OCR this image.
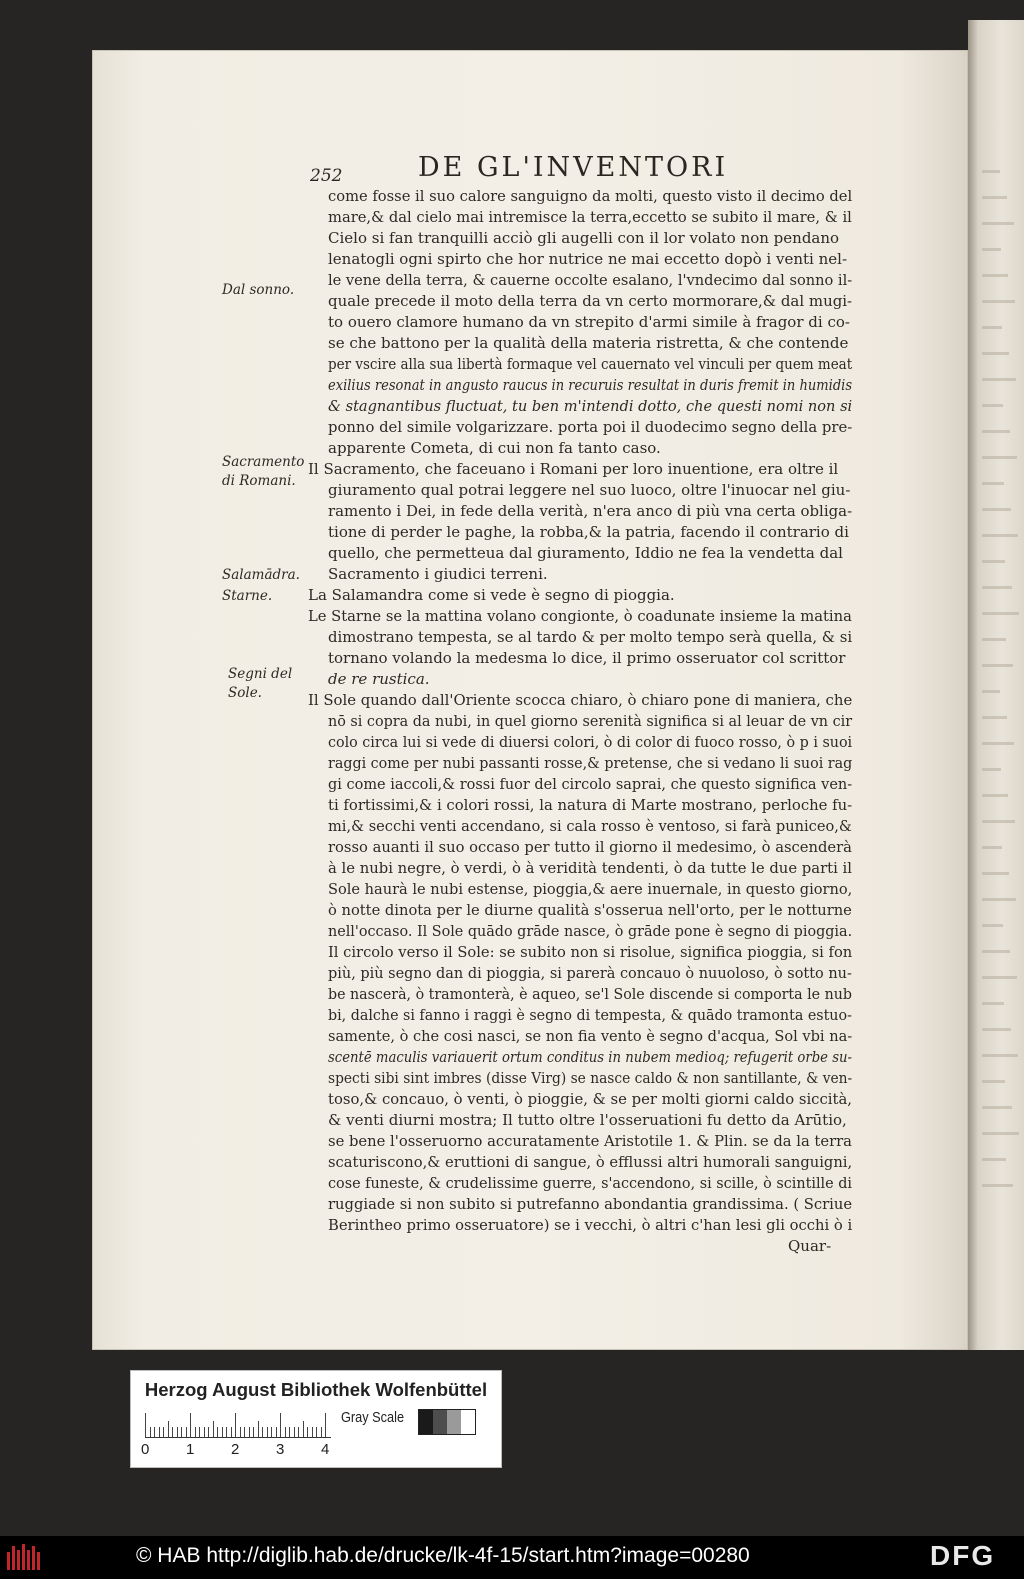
252	DE GL'INVENTORI
Dal sonno.
Sacramento
di Romani.
Salamādra.
Starne.
Segni del
Sole.
come fosse il suo calore sanguigno da molti, questo visto il decimo del
mare,& dal cielo mai intremisce la terra,eccetto se subito il mare, & il
Cielo si fan tranquilli acciò gli augelli con il lor volato non pendano
lenatogli ogni spirto che hor nutrice ne mai eccetto dopò i venti nel-
le vene della terra, & cauerne occolte esalano, l'vndecimo dal sonno il-
quale precede il moto della terra da vn certo mormorare,& dal mugi-
to ouero clamore humano da vn strepito d'armi simile à fragor di co-
se che battono per la qualità della materia ristretta, & che contende
per vscire alla sua libertà formaque vel cauernato vel vinculi per quem meat
exilius resonat in angusto raucus in recuruis resultat in duris fremit in humidis
& stagnantibus fluctuat, tu ben m'intendi dotto, che questi nomi non si
ponno del simile volgarizzare. porta poi il duodecimo segno della pre-
apparente Cometa, di cui non fa tanto caso.
Il Sacramento, che faceuano i Romani per loro inuentione, era oltre il
giuramento qual potrai leggere nel suo luoco, oltre l'inuocar nel giu-
ramento i Dei, in fede della verità, n'era anco di più vna certa obliga-
tione di perder le paghe, la robba,& la patria, facendo il contrario di
quello, che permetteua dal giuramento, Iddio ne fea la vendetta dal
Sacramento i giudici terreni.
La Salamandra come si vede è segno di pioggia.
Le Starne se la mattina volano congionte, ò coadunate insieme la matina
dimostrano tempesta, se al tardo & per molto tempo serà quella, & si
tornano volando la medesma lo dice, il primo osseruator col scrittor
de re rustica.
Il Sole quando dall'Oriente scocca chiaro, ò chiaro pone di maniera, che
nō si copra da nubi, in quel giorno serenità significa si al leuar de vn cir
colo circa lui si vede di diuersi colori, ò di color di fuoco rosso, ò p i suoi
raggi come per nubi passanti rosse,& pretense, che si vedano li suoi rag
gi come iaccoli,& rossi fuor del circolo saprai, che questo significa ven-
ti fortissimi,& i colori rossi, la natura di Marte mostrano, perloche fu-
mi,& secchi venti accendano, si cala rosso è ventoso, si farà puniceo,&
rosso auanti il suo occaso per tutto il giorno il medesimo, ò ascenderà
à le nubi negre, ò verdi, ò à veridità tendenti, ò da tutte le due parti il
Sole haurà le nubi estense, pioggia,& aere inuernale, in questo giorno,
ò notte dinota per le diurne qualità s'osserua nell'orto, per le notturne
nell'occaso. Il Sole quādo grāde nasce, ò grāde pone è segno di pioggia.
Il circolo verso il Sole: se subito non si risolue, significa pioggia, si fon
più, più segno dan di pioggia, si parerà concauo ò nuuoloso, ò sotto nu-
be nascerà, ò tramonterà, è aqueo, se'l Sole discende si comporta le nub
bi, dalche si fanno i raggi è segno di tempesta, & quādo tramonta estuo-
samente, ò che cosi nasci, se non fia vento è segno d'acqua, Sol vbi na-
scentē maculis variauerit ortum conditus in nubem medioq; refugerit orbe su-
specti sibi sint imbres (disse Virg) se nasce caldo & non santillante, & ven-
toso,& concauo, ò venti, ò pioggie, & se per molti giorni caldo siccità,
& venti diurni mostra; Il tutto oltre l'osseruationi fu detto da Arūtio,
se bene l'osseruorno accuratamente Aristotile 1. & Plin. se da la terra
scaturiscono,& eruttioni di sangue, ò efflussi altri humorali sanguigni,
cose funeste, & crudelissime guerre, s'accendono, si scille, ò scintille di
ruggiade si non subito si putrefanno abondantia grandissima. ( Scriue
Berintheo primo osseruatore) se i vecchi, ò altri c'han lesi gli occhi ò i
Quar-
Herzog August Bibliothek Wolfenbüttel
0 1 2 3 4
Gray Scale
© HAB http://diglib.hab.de/drucke/lk-4f-15/start.htm?image=00280	DFG
